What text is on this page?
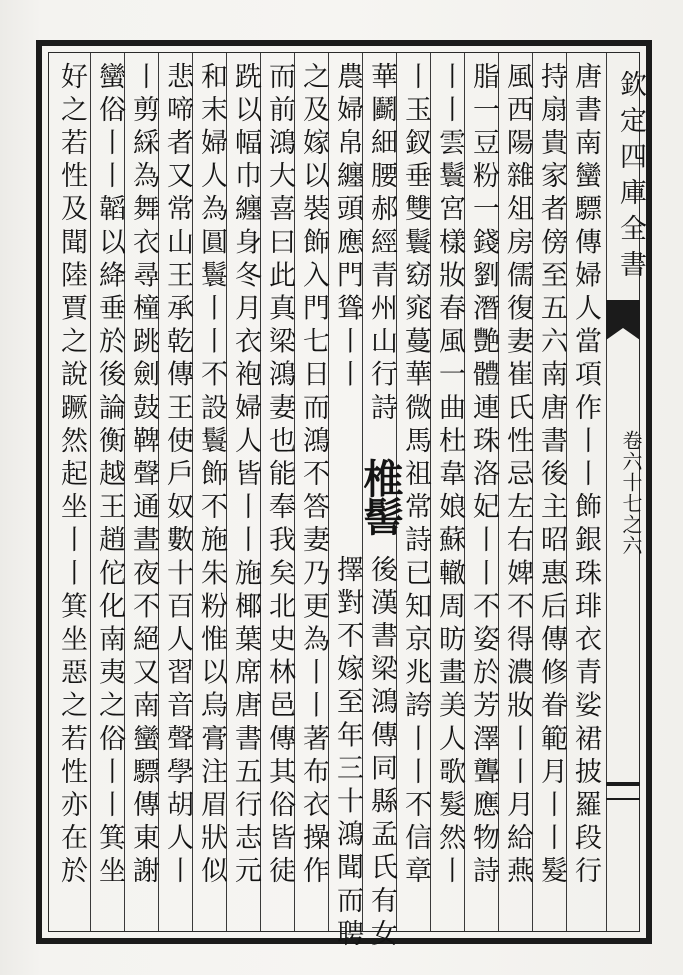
欽定四庫全書
卷六十七之六
唐書南蠻驃傳婦人當項作丨丨飾銀珠琲衣青娑裙披羅段行
持扇貴家者傍至五六南唐書後主昭惠后傳修眷範月丨丨髮
風西陽雜俎房儒復妻崔氏性忌左右婢不得濃妝丨丨月給燕
脂一豆粉一錢劉潛艷體連珠洛妃丨丨不姿於芳澤聾應物詩
丨丨雲鬟宮樣妝春風一曲杜韋娘蘇轍周昉畫美人歌髮然丨
丨玉釵垂雙鬟窈窕蔓華微馬祖常詩已知京兆誇丨丨不信章
華鬬細腰郝經青州山行詩
椎髻
後漢書梁鴻傳同縣孟氏有女
農婦帛纏頭應門聳丨丨
擇對不嫁至年三十鴻聞而聘
之及嫁以裝飾入門七日而鴻不答妻乃更為丨丨著布衣操作
而前鴻大喜曰此真梁鴻妻也能奉我矣北史林邑傳其俗皆徒
跣以幅巾纏身冬月衣袍婦人皆丨丨施椰葉席唐書五行志元
和末婦人為圓鬟丨丨不設鬟飾不施朱粉惟以烏膏注眉狀似
悲啼者又常山王承乾傳王使戶奴數十百人習音聲學胡人丨
丨剪綵為舞衣尋橦跳劍鼓鞞聲通晝夜不絕又南蠻驃傳東謝
蠻俗丨丨韜以絳垂於後論衡越王趙佗化南夷之俗丨丨箕坐
好之若性及聞陸賈之說蹶然起坐丨丨箕坐惡之若性亦在於
